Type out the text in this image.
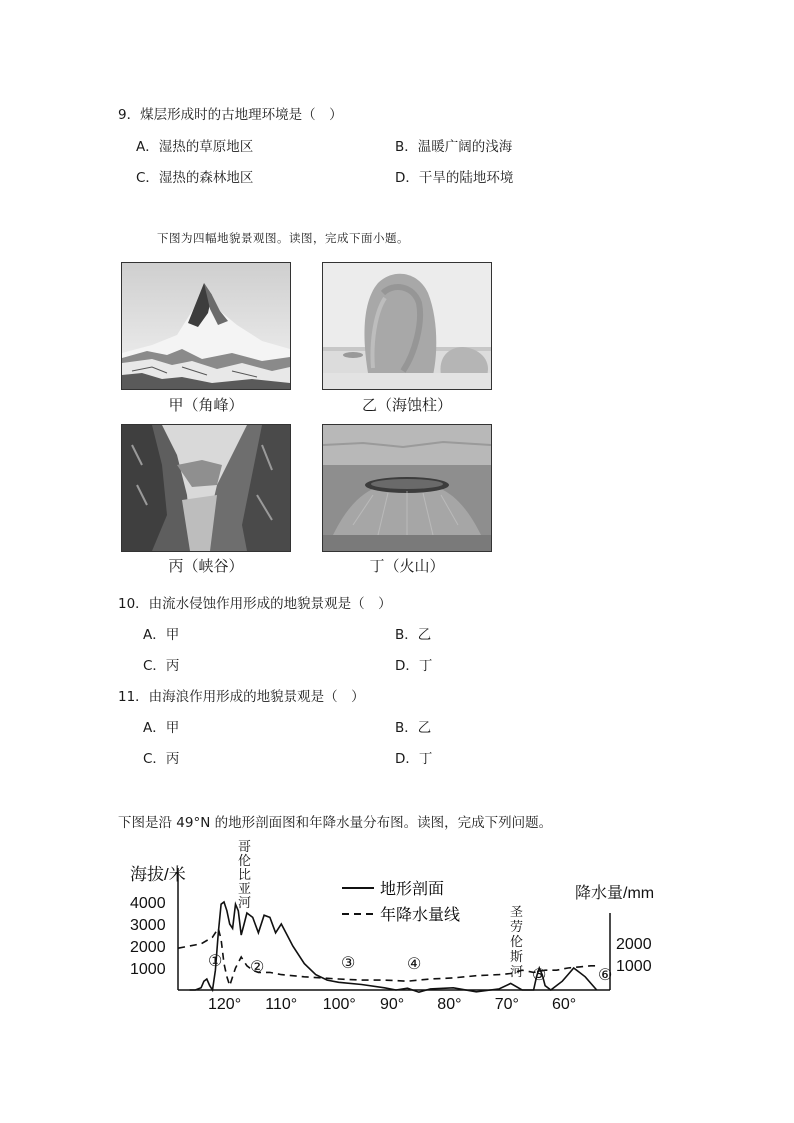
9．煤层形成时的古地理环境是（　）
A．湿热的草原地区	B．温暖广阔的浅海
C．湿热的森林地区	D．干旱的陆地环境
下图为四幅地貌景观图。读图，完成下面小题。
甲（角峰）	乙（海蚀柱）
丙（峡谷）	丁（火山）
10．由流水侵蚀作用形成的地貌景观是（　）
A．甲	B．乙
C．丙	D．丁
11．由海浪作用形成的地貌景观是（　）
A．甲	B．乙
C．丙	D．丁
下图是沿 49°N 的地形剖面图和年降水量分布图。读图，完成下列问题。
海拔/米
4000
3000
2000
1000
降水量/mm
2000
1000
120° 110° 100° 90° 80° 70° 60°
地形剖面
年降水量线
哥
伦
比
亚
河
圣
劳
伦
斯
河
① ②	③	④
⑤	⑥
